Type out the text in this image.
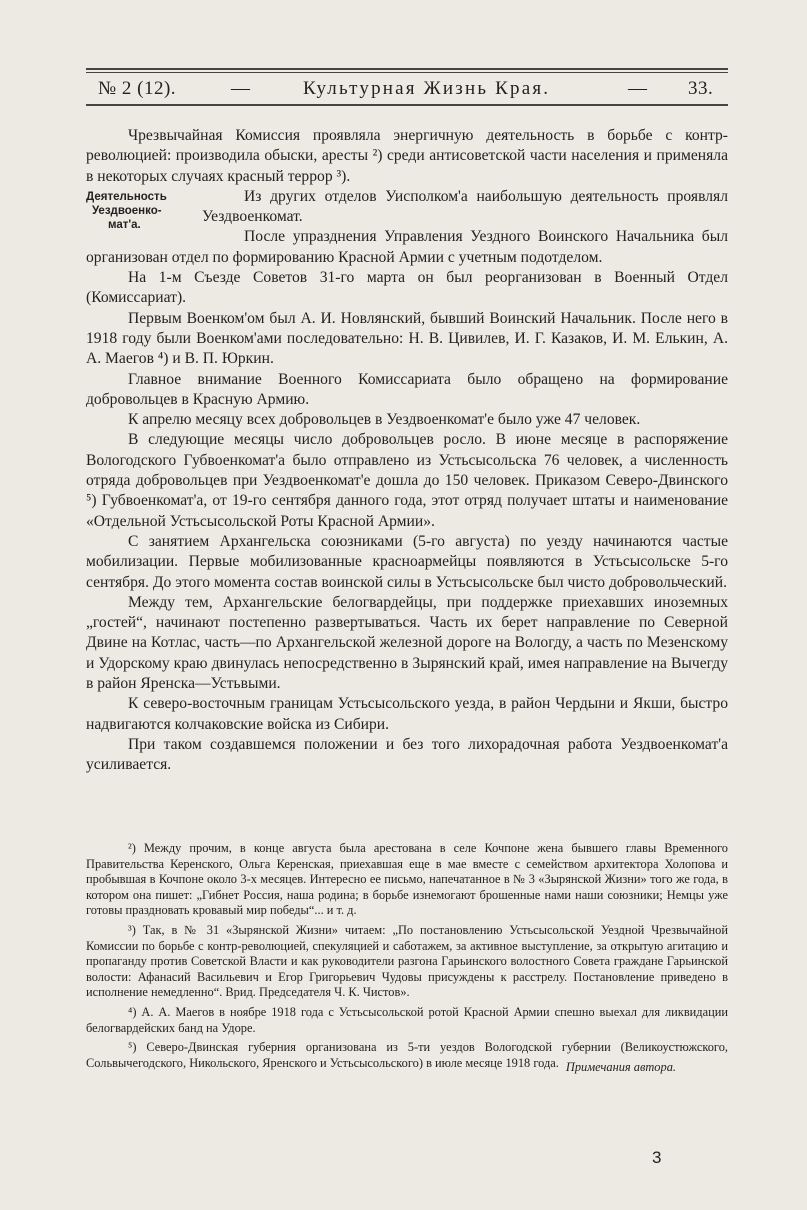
№ 2 (12).	—	Культурная Жизнь Края.	— 33.

Чрезвычайная Комиссия проявляла энергичную деятельность в борьбе с контр-революцией: производила обыски, аресты ²) среди антисоветской части населения и применяла в некоторых случаях красный террор ³).

Деятельность
Уездвоенко-
мат'а.
Из других отделов Уисполком'а наибольшую деятельность проявлял Уездвоенкомат.

После упразднения Управления Уездного Воинского Начальника был организован отдел по формированию Красной Армии с учетным подотделом.

На 1-м Съезде Советов 31-го марта он был реорганизован в Военный Отдел (Комиссариат).

Первым Военком'ом был А. И. Новлянский, бывший Воинский Начальник. После него в 1918 году были Военком'ами последовательно: Н. В. Цивилев, И. Г. Казаков, И. М. Елькин, А. А. Маегов ⁴) и В. П. Юркин.

Главное внимание Военного Комиссариата было обращено на формирование добровольцев в Красную Армию.

К апрелю месяцу всех добровольцев в Уездвоенкомат'е было уже 47 человек.

В следующие месяцы число добровольцев росло. В июне месяце в распоряжение Вологодского Губвоенкомат'а было отправлено из Устьсысольска 76 человек, а численность отряда добровольцев при Уездвоенкомат'е дошла до 150 человек. Приказом Северо-Двинского ⁵) Губвоенкомат'а, от 19-го сентября данного года, этот отряд получает штаты и наименование «Отдельной Устьсысольской Роты Красной Армии».

С занятием Архангельска союзниками (5-го августа) по уезду начинаются частые мобилизации. Первые мобилизованные красноармейцы появляются в Устьсысольске 5-го сентября. До этого момента состав воинской силы в Устьсысольске был чисто добровольческий.

Между тем, Архангельские белогвардейцы, при поддержке приехавших иноземных „гостей“, начинают постепенно развертываться. Часть их берет направление по Северной Двине на Котлас, часть—по Архангельской железной дороге на Вологду, а часть по Мезенскому и Удорскому краю двинулась непосредственно в Зырянский край, имея направление на Вычегду в район Яренска—Устьвыми.

К северо-восточным границам Устьсысольского уезда, в район Чердыни и Якши, быстро надвигаются колчаковские войска из Сибири.

При таком создавшемся положении и без того лихорадочная работа Уездвоенкомат'а усиливается.

²) Между прочим, в конце августа была арестована в селе Кочпоне жена бывшего главы Временного Правительства Керенского, Ольга Керенская, приехавшая еще в мае вместе с семейством архитектора Холопова и пробывшая в Кочпоне около 3-х месяцев. Интересно ее письмо, напечатанное в № 3 «Зырянской Жизни» того же года, в котором она пишет: „Гибнет Россия, наша родина; в борьбе изнемогают брошенные нами наши союзники; Немцы уже готовы праздновать кровавый мир победы“... и т. д.

³) Так, в № 31 «Зырянской Жизни» читаем: „По постановлению Устьсысольской Уездной Чрезвычайной Комиссии по борьбе с контр-революцией, спекуляцией и саботажем, за активное выступление, за открытую агитацию и пропаганду против Советской Власти и как руководители разгона Гарьинского волостного Совета граждане Гарьинской волости: Афанасий Васильевич и Егор Григорьевич Чудовы присуждены к расстрелу. Постановление приведено в исполнение немедленно“. Врид. Председателя Ч. К. Чистов».

⁴) А. А. Маегов в ноябре 1918 года с Устьсысольской ротой Красной Армии спешно выехал для ликвидации белогвардейских банд на Удоре.

⁵) Северо-Двинская губерния организована из 5-ти уездов Вологодской губернии (Великоустюжского, Сольвычегодского, Никольского, Яренского и Устьсысольского) в июле месяце 1918 года. Примечания автора.
3
